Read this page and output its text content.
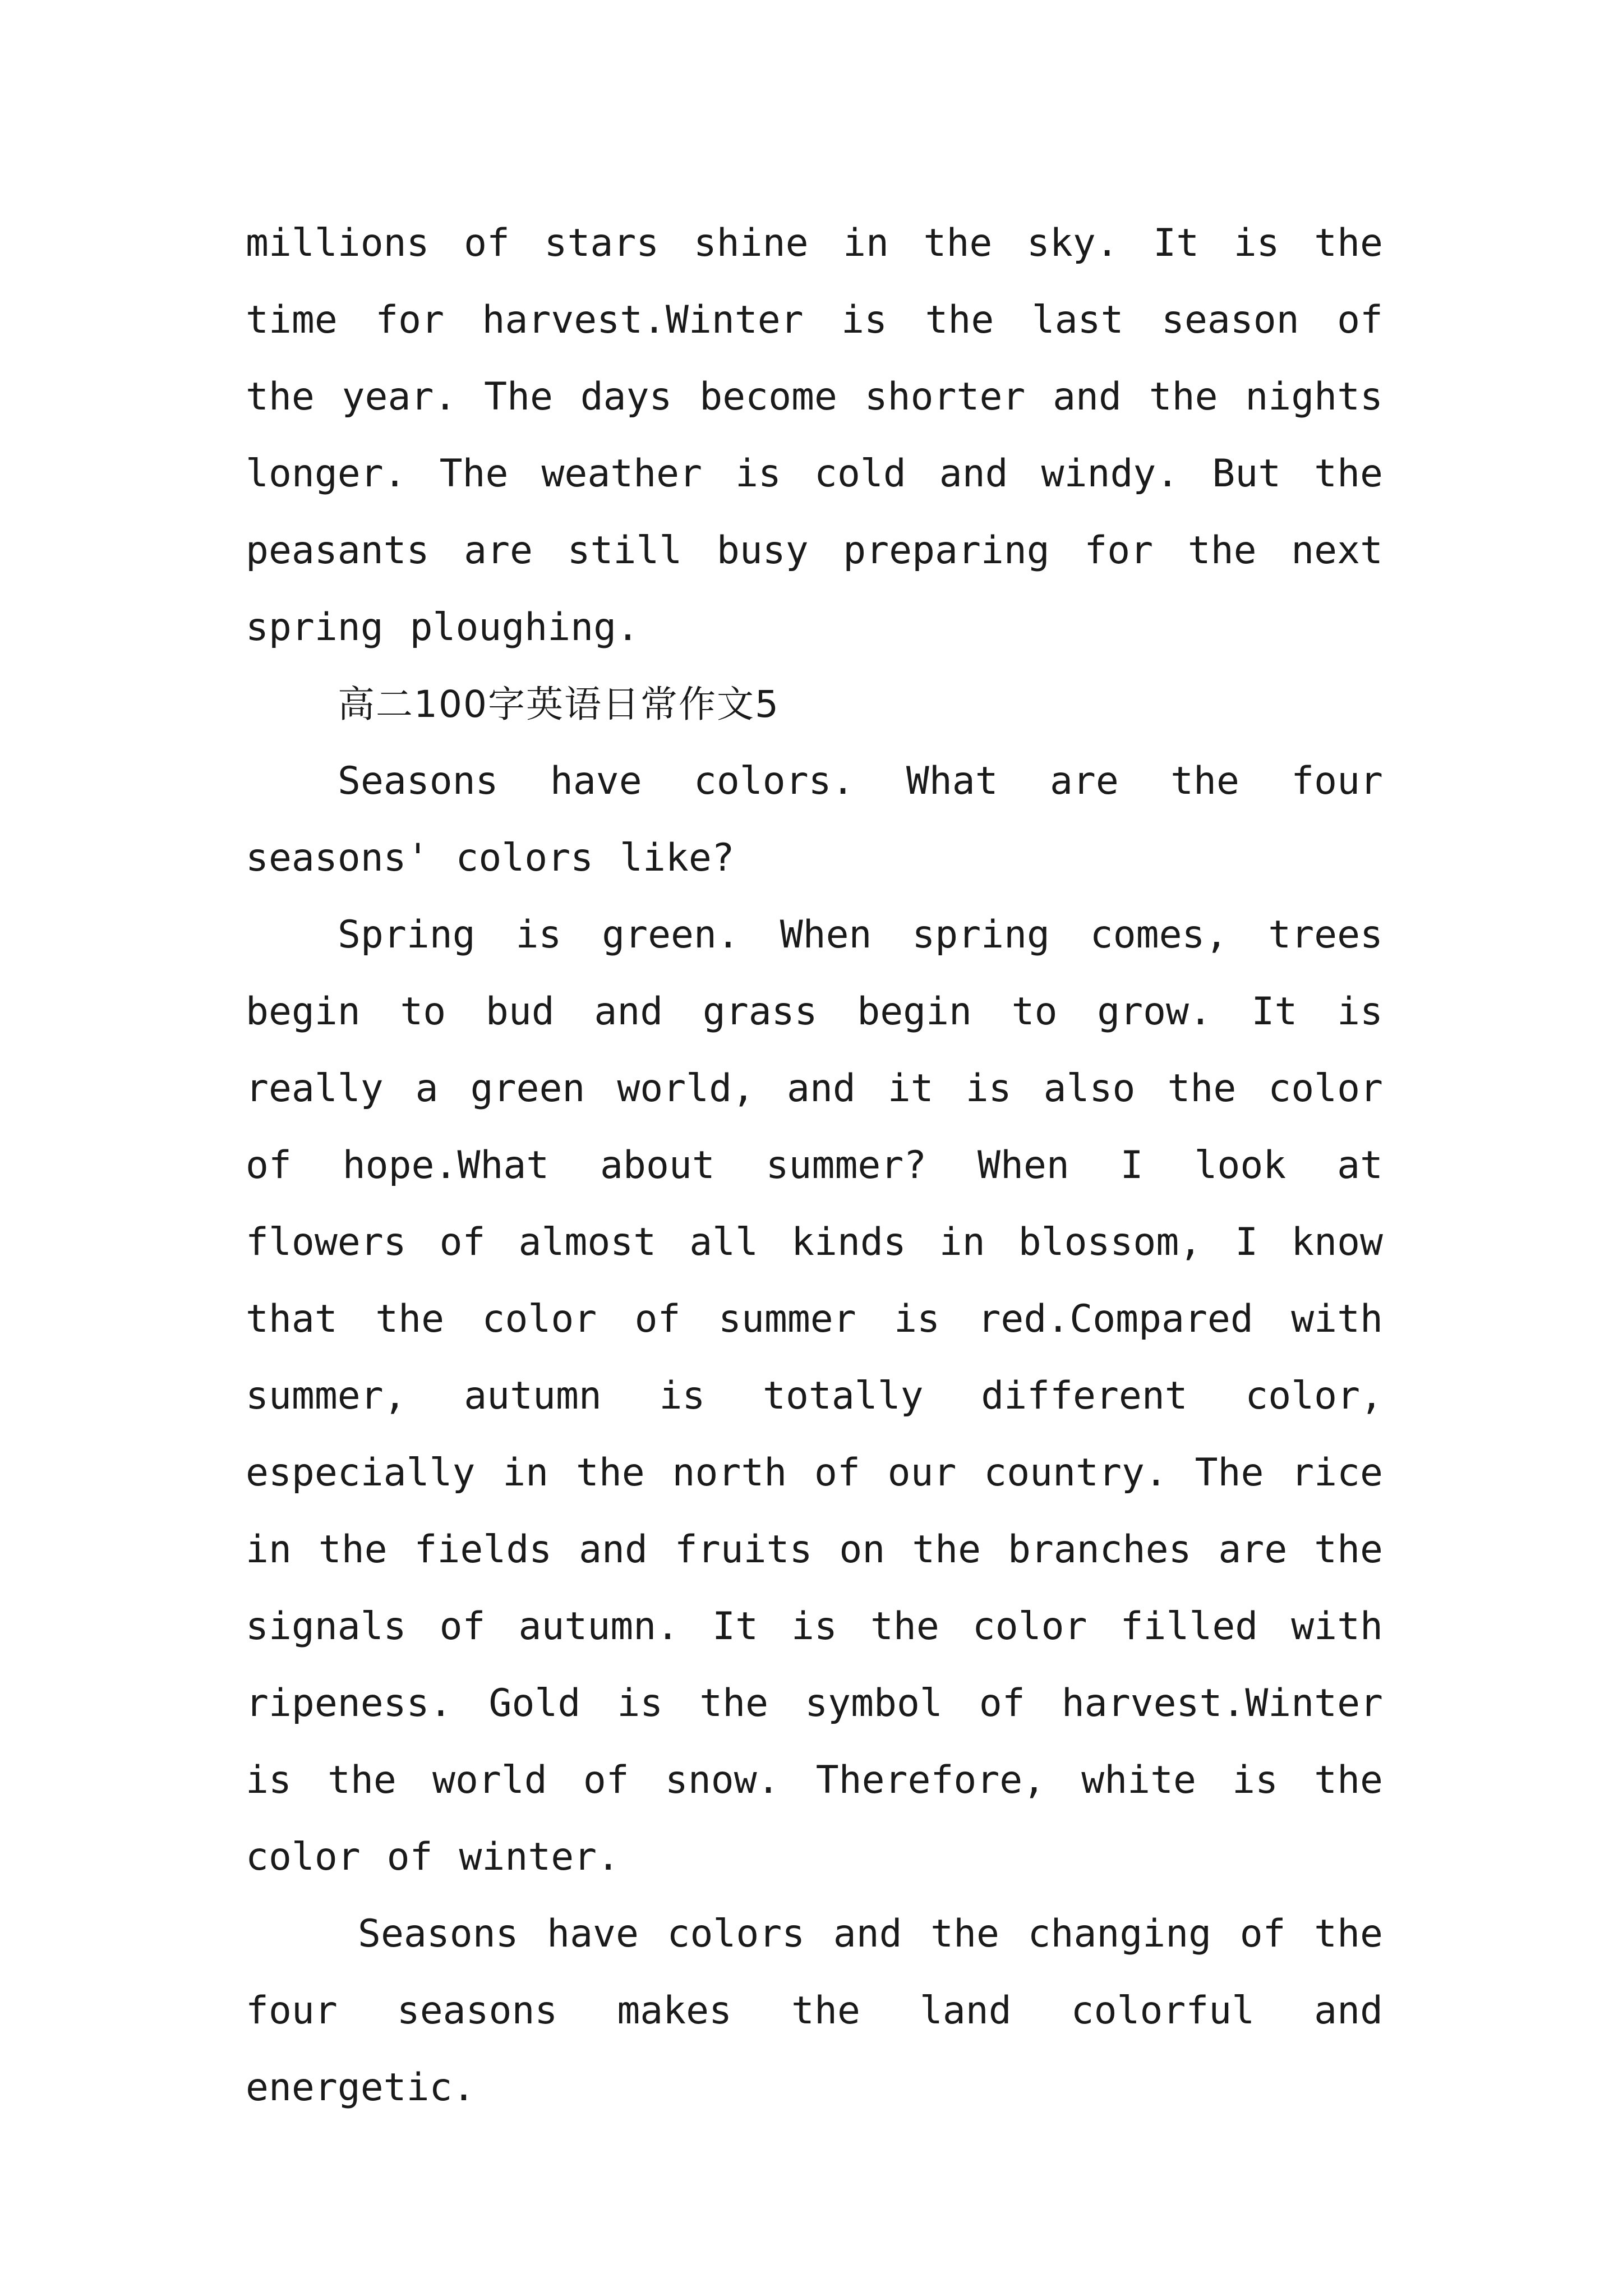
millions of stars shine in the sky. It is the time for harvest.Winter is the last season of the year. The days become shorter and the nights longer. The weather is cold and windy. But the peasants are still busy preparing for the next spring ploughing.

高二100字英语日常作文5

Seasons have colors. What are the four seasons' colors like?

Spring is green. When spring comes, trees begin to bud and grass begin to grow. It is really a green world, and it is also the color of hope.What about summer? When I look at flowers of almost all kinds in blossom, I know that the color of summer is red.Compared with summer, autumn is totally different color, especially in the north of our country. The rice in the fields and fruits on the branches are the signals of autumn. It is the color filled with ripeness. Gold is the symbol of harvest.Winter is the world of snow. Therefore, white is the color of winter.

Seasons have colors and the changing of the four seasons makes the land colorful and energetic.
